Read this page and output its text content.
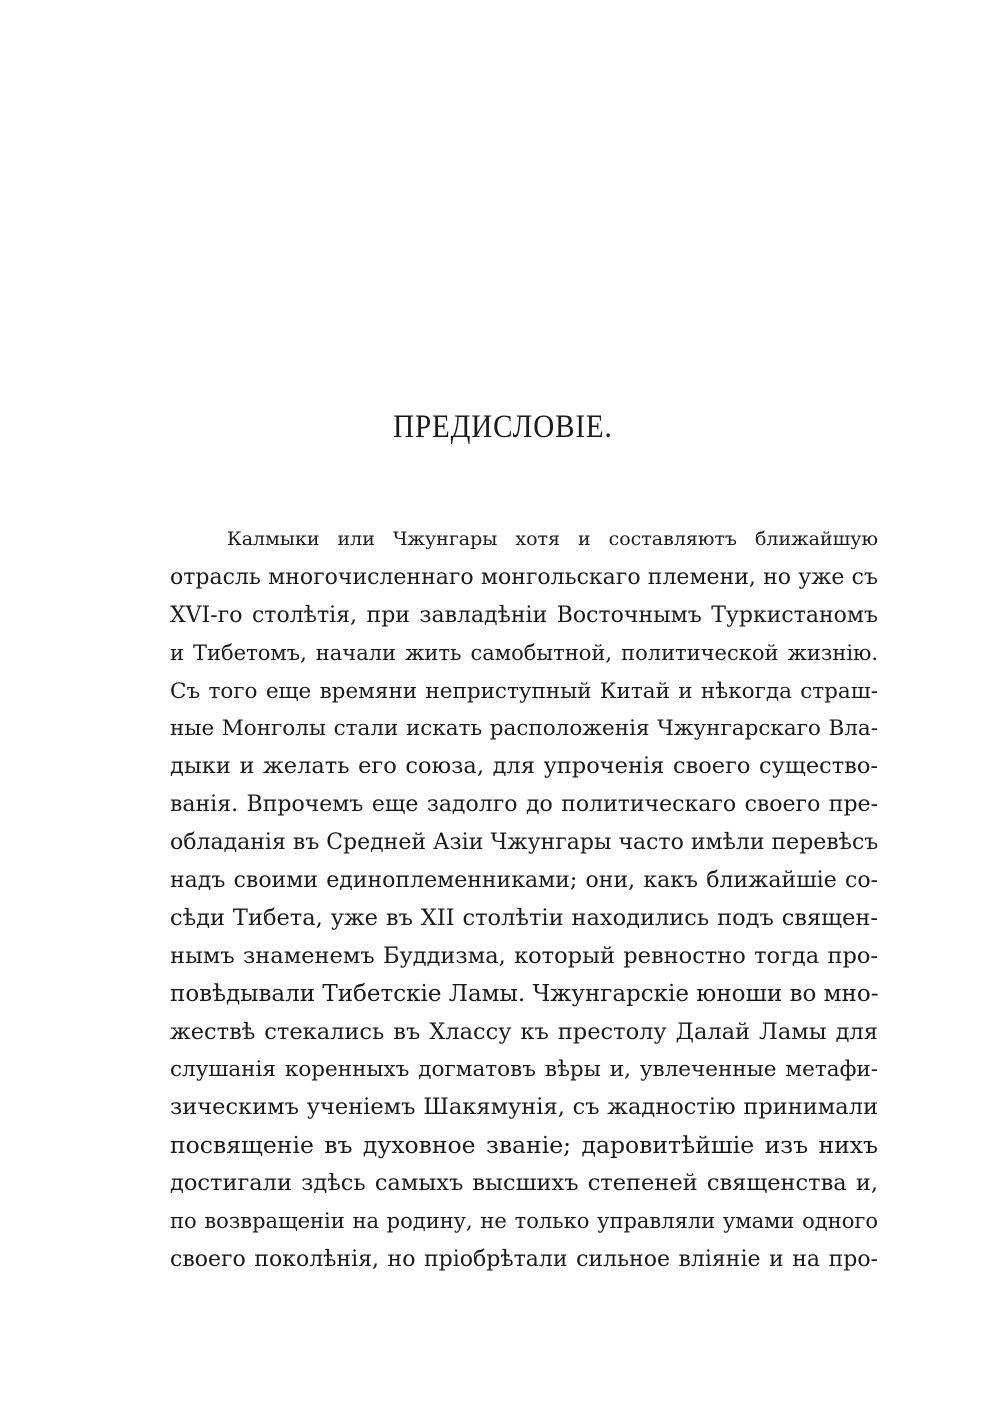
ПРЕДИСЛОВІЕ.
Калмыки или Чжунгары хотя и составляютъ ближайшую
отрасль многочисленнаго монгольскаго племени, но уже съ
XVI-го столѣтія, при завладѣніи Восточнымъ Туркистаномъ
и Тибетомъ, начали жить самобытной, политической жизнію.
Съ того еще времяни неприступный Китай и нѣкогда страш-
ные Монголы стали искать расположенія Чжунгарскаго Вла-
дыки и желать его союза, для упроченія своего существо-
ванія. Впрочемъ еще задолго до политическаго своего пре-
обладанія въ Средней Азіи Чжунгары часто имѣли перевѣсъ
надъ своими единоплеменниками; они, какъ ближайшіе со-
сѣди Тибета, уже въ XII столѣтіи находились подъ священ-
нымъ знаменемъ Буддизма, который ревностно тогда про-
повѣдывали Тибетскіе Ламы. Чжунгарскіе юноши во мно-
жествѣ стекались въ Хлассу къ престолу Далай Ламы для
слушанія коренныхъ догматовъ вѣры и, увлеченные метафи-
зическимъ ученіемъ Шакямунія, съ жадностію принимали
посвященіе въ духовное званіе; даровитѣйшіе изъ нихъ
достигали здѣсь самыхъ высшихъ степеней священства и,
по возвращеніи на родину, не только управляли умами одного
своего поколѣнія, но пріобрѣтали сильное вліяніе и на про-
